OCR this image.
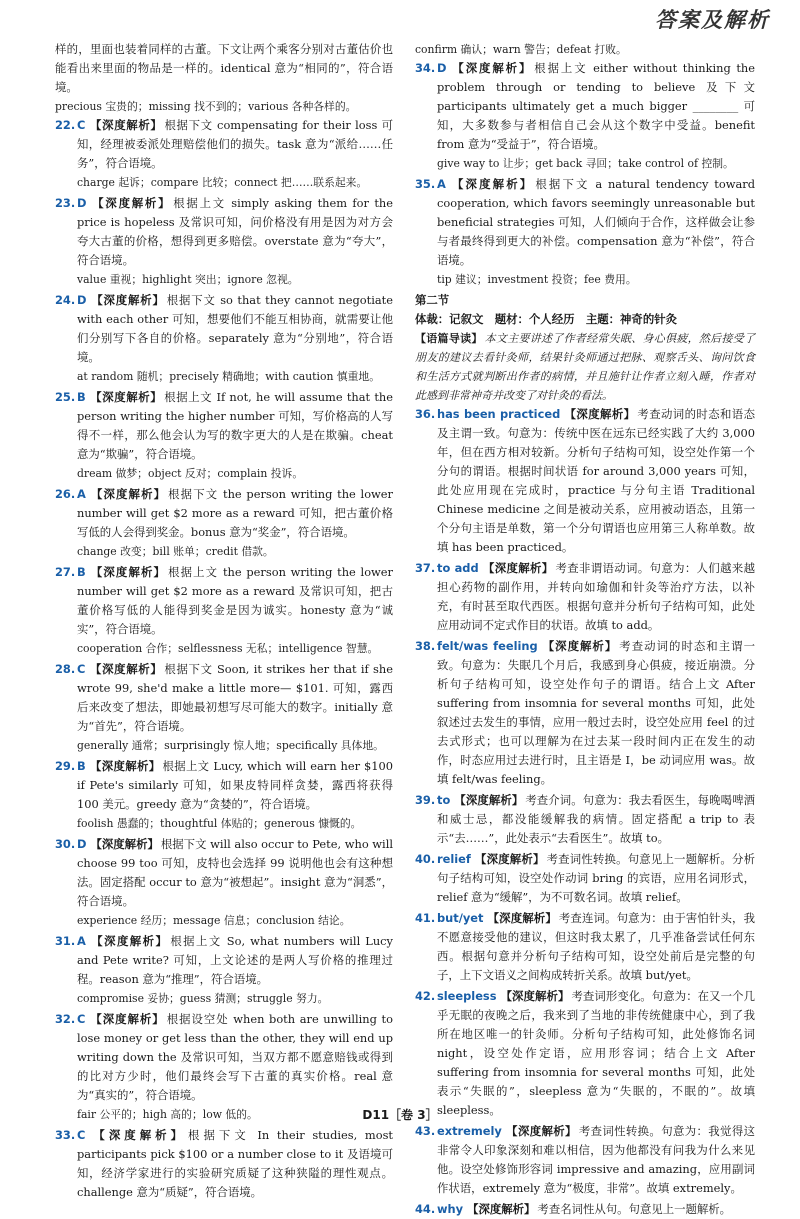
答案及解析

样的，里面也装着同样的古董。下文让两个乘客分别对古董估价也能看出来里面的物品是一样的。identical 意为“相同的”，符合语境。

precious 宝贵的；missing 找不到的；various 各种各样的。

22. C 【深度解析】 根据下文 compensating for their loss 可知，经理被委派处理赔偿他们的损失。task 意为“派给……任务”，符合语境。

charge 起诉；compare 比较；connect 把……联系起来。

23. D 【深度解析】 根据上文 simply asking them for the price is hopeless 及常识可知，问价格没有用是因为对方会夸大古董的价格，想得到更多赔偿。overstate 意为“夸大”，符合语境。

value 重视；highlight 突出；ignore 忽视。

24. D 【深度解析】 根据下文 so that they cannot negotiate with each other 可知，想要他们不能互相协商，就需要让他们分别写下各自的价格。separately 意为“分别地”，符合语境。

at random 随机；precisely 精确地；with caution 慎重地。

25. B 【深度解析】 根据上文 If not, he will assume that the person writing the higher number 可知，写价格高的人写得不一样，那么他会认为写的数字更大的人是在欺骗。cheat 意为“欺骗”，符合语境。

dream 做梦；object 反对；complain 投诉。

26. A 【深度解析】 根据下文 the person writing the lower number will get $2 more as a reward 可知，把古董价格写低的人会得到奖金。bonus 意为“奖金”，符合语境。

change 改变；bill 账单；credit 借款。

27. B 【深度解析】 根据上文 the person writing the lower number will get $2 more as a reward 及常识可知，把古董价格写低的人能得到奖金是因为诚实。honesty 意为“诚实”，符合语境。

cooperation 合作；selflessness 无私；intelligence 智慧。

28. C 【深度解析】 根据下文 Soon, it strikes her that if she wrote 99, she'd make a little more— $101. 可知，露西后来改变了想法，即她最初想写尽可能大的数字。initially 意为“首先”，符合语境。

generally 通常；surprisingly 惊人地；specifically 具体地。

29. B 【深度解析】 根据上文 Lucy, which will earn her $100 if Pete's similarly 可知，如果皮特同样贪婪，露西将获得 100 美元。greedy 意为“贪婪的”，符合语境。

foolish 愚蠢的；thoughtful 体贴的；generous 慷慨的。

30. D 【深度解析】 根据下文 will also occur to Pete, who will choose 99 too 可知，皮特也会选择 99 说明他也会有这种想法。固定搭配 occur to 意为“被想起”。insight 意为“洞悉”，符合语境。

experience 经历；message 信息；conclusion 结论。

31. A 【深度解析】 根据上文 So, what numbers will Lucy and Pete write? 可知，上文论述的是两人写价格的推理过程。reason 意为“推理”，符合语境。

compromise 妥协；guess 猜测；struggle 努力。

32. C 【深度解析】 根据设空处 when both are unwilling to lose money or get less than the other, they will end up writing down the 及常识可知，当双方都不愿意赔钱或得到的比对方少时，他们最终会写下古董的真实价格。real 意为“真实的”，符合语境。

fair 公平的；high 高的；low 低的。

33. C 【深度解析】 根据下文 In their studies, most participants pick $100 or a number close to it 及语境可知，经济学家进行的实验研究质疑了这种狭隘的理性观点。challenge 意为“质疑”，符合语境。

confirm 确认；warn 警告；defeat 打败。

34. D 【深度解析】 根据上文 either without thinking the problem through or tending to believe 及下文 participants ultimately get a much bigger ________ 可知，大多数参与者相信自己会从这个数字中受益。benefit from 意为“受益于”，符合语境。

give way to 让步；get back 寻回；take control of 控制。

35. A 【深度解析】 根据下文 a natural tendency toward cooperation, which favors seemingly unreasonable but beneficial strategies 可知，人们倾向于合作，这样做会让参与者最终得到更大的补偿。compensation 意为“补偿”，符合语境。

tip 建议；investment 投资；fee 费用。

第二节

体裁：记叙文　题材：个人经历　主题：神奇的针灸

【语篇导读】 本文主要讲述了作者经常失眠、身心俱疲，然后接受了朋友的建议去看针灸师，结果针灸师通过把脉、观察舌头、询问饮食和生活方式就判断出作者的病情，并且施针让作者立刻入睡，作者对此感到非常神奇并改变了对针灸的看法。

36. has been practiced 【深度解析】 考查动词的时态和语态及主谓一致。句意为：传统中医在远东已经实践了大约 3,000 年，但在西方相对较新。分析句子结构可知，设空处作第一个分句的谓语。根据时间状语 for around 3,000 years 可知，此处应用现在完成时，practice 与分句主语 Traditional Chinese medicine 之间是被动关系，应用被动语态，且第一个分句主语是单数，第一个分句谓语也应用第三人称单数。故填 has been practiced。

37. to add 【深度解析】 考查非谓语动词。句意为：人们越来越担心药物的副作用，并转向如瑜伽和针灸等治疗方法，以补充，有时甚至取代西医。根据句意并分析句子结构可知，此处应用动词不定式作目的状语。故填 to add。

38. felt/was feeling 【深度解析】 考查动词的时态和主谓一致。句意为：失眠几个月后，我感到身心俱疲，接近崩溃。分析句子结构可知，设空处作句子的谓语。结合上文 After suffering from insomnia for several months 可知，此处叙述过去发生的事情，应用一般过去时，设空处应用 feel 的过去式形式；也可以理解为在过去某一段时间内正在发生的动作，时态应用过去进行时，且主语是 I，be 动词应用 was。故填 felt/was feeling。

39. to 【深度解析】 考查介词。句意为：我去看医生，每晚喝啤酒和威士忌，都没能缓解我的病情。固定搭配 a trip to 表示“去……”，此处表示“去看医生”。故填 to。

40. relief 【深度解析】 考查词性转换。句意见上一题解析。分析句子结构可知，设空处作动词 bring 的宾语，应用名词形式，relief 意为“缓解”，为不可数名词。故填 relief。

41. but/yet 【深度解析】 考查连词。句意为：由于害怕针头，我不愿意接受他的建议，但这时我太累了，几乎准备尝试任何东西。根据句意并分析句子结构可知，设空处前后是完整的句子，上下文语义之间构成转折关系。故填 but/yet。

42. sleepless 【深度解析】 考查词形变化。句意为：在又一个几乎无眠的夜晚之后，我来到了当地的非传统健康中心，到了我所在地区唯一的针灸师。分析句子结构可知，此处修饰名词 night，设空处作定语，应用形容词；结合上文 After suffering from insomnia for several months 可知，此处表示“失眠的”，sleepless 意为“失眠的，不眠的”。故填 sleepless。

43. extremely 【深度解析】 考查词性转换。句意为：我觉得这非常令人印象深刻和难以相信，因为他都没有问我为什么来见他。设空处修饰形容词 impressive and amazing，应用副词作状语，extremely 意为“极度，非常”。故填 extremely。

44. why 【深度解析】 考查名词性从句。句意见上一题解析。

D11［卷 3］
